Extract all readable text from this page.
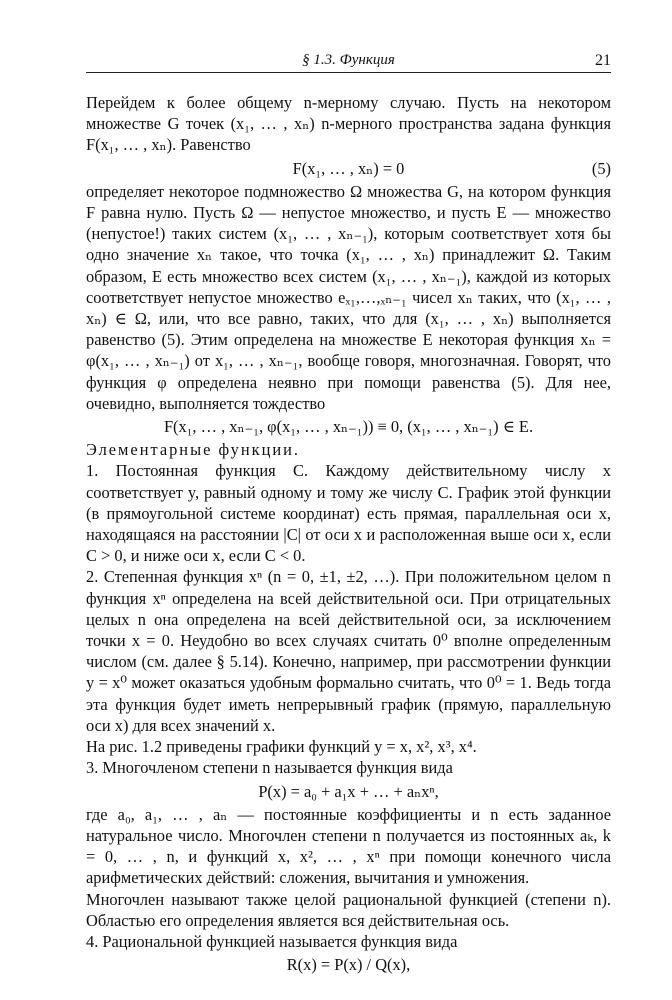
§ 1.3. Функция	21

Перейдем к более общему n-мерному случаю. Пусть на некотором множестве G точек (x₁, … , xₙ) n-мерного пространства задана функция F(x₁, … , xₙ). Равенство

F(x₁, … , xₙ) = 0	(5)

определяет некоторое подмножество Ω множества G, на котором функция F равна нулю. Пусть Ω — непустое множество, и пусть E — множество (непустое!) таких систем (x₁, … , xₙ₋₁), которым соответствует хотя бы одно значение xₙ такое, что точка (x₁, … , xₙ) принадлежит Ω. Таким образом, E есть множество всех систем (x₁, … , xₙ₋₁), каждой из которых соответствует непустое множество eₓ₁,…,ₓₙ₋₁ чисел xₙ таких, что (x₁, … , xₙ) ∈ Ω, или, что все равно, таких, что для (x₁, … , xₙ) выполняется равенство (5). Этим определена на множестве E некоторая функция xₙ = φ(x₁, … , xₙ₋₁) от x₁, … , xₙ₋₁, вообще говоря, многозначная. Говорят, что функция φ определена неявно при помощи равенства (5). Для нее, очевидно, выполняется тождество

F(x₁, … , xₙ₋₁, φ(x₁, … , xₙ₋₁)) ≡ 0, (x₁, … , xₙ₋₁) ∈ E.

Элементарные функции.

1. Постоянная функция C. Каждому действительному числу x соответствует y, равный одному и тому же числу C. График этой функции (в прямоугольной системе координат) есть прямая, параллельная оси x, находящаяся на расстоянии |C| от оси x и расположенная выше оси x, если C > 0, и ниже оси x, если C < 0.

2. Степенная функция xⁿ (n = 0, ±1, ±2, …). При положительном целом n функция xⁿ определена на всей действительной оси. При отрицательных целых n она определена на всей действительной оси, за исключением точки x = 0. Неудобно во всех случаях считать 0⁰ вполне определенным числом (см. далее § 5.14). Конечно, например, при рассмотрении функции y = x⁰ может оказаться удобным формально считать, что 0⁰ = 1. Ведь тогда эта функция будет иметь непрерывный график (прямую, параллельную оси x) для всех значений x.

На рис. 1.2 приведены графики функций y = x, x², x³, x⁴.

3. Многочленом степени n называется функция вида

P(x) = a₀ + a₁x + … + aₙxⁿ,

где a₀, a₁, … , aₙ — постоянные коэффициенты и n есть заданное натуральное число. Многочлен степени n получается из постоянных aₖ, k = 0, … , n, и функций x, x², … , xⁿ при помощи конечного числа арифметических действий: сложения, вычитания и умножения.

Многочлен называют также целой рациональной функцией (степени n). Областью его определения является вся действительная ось.

4. Рациональной функцией называется функция вида

R(x) = P(x) / Q(x),
